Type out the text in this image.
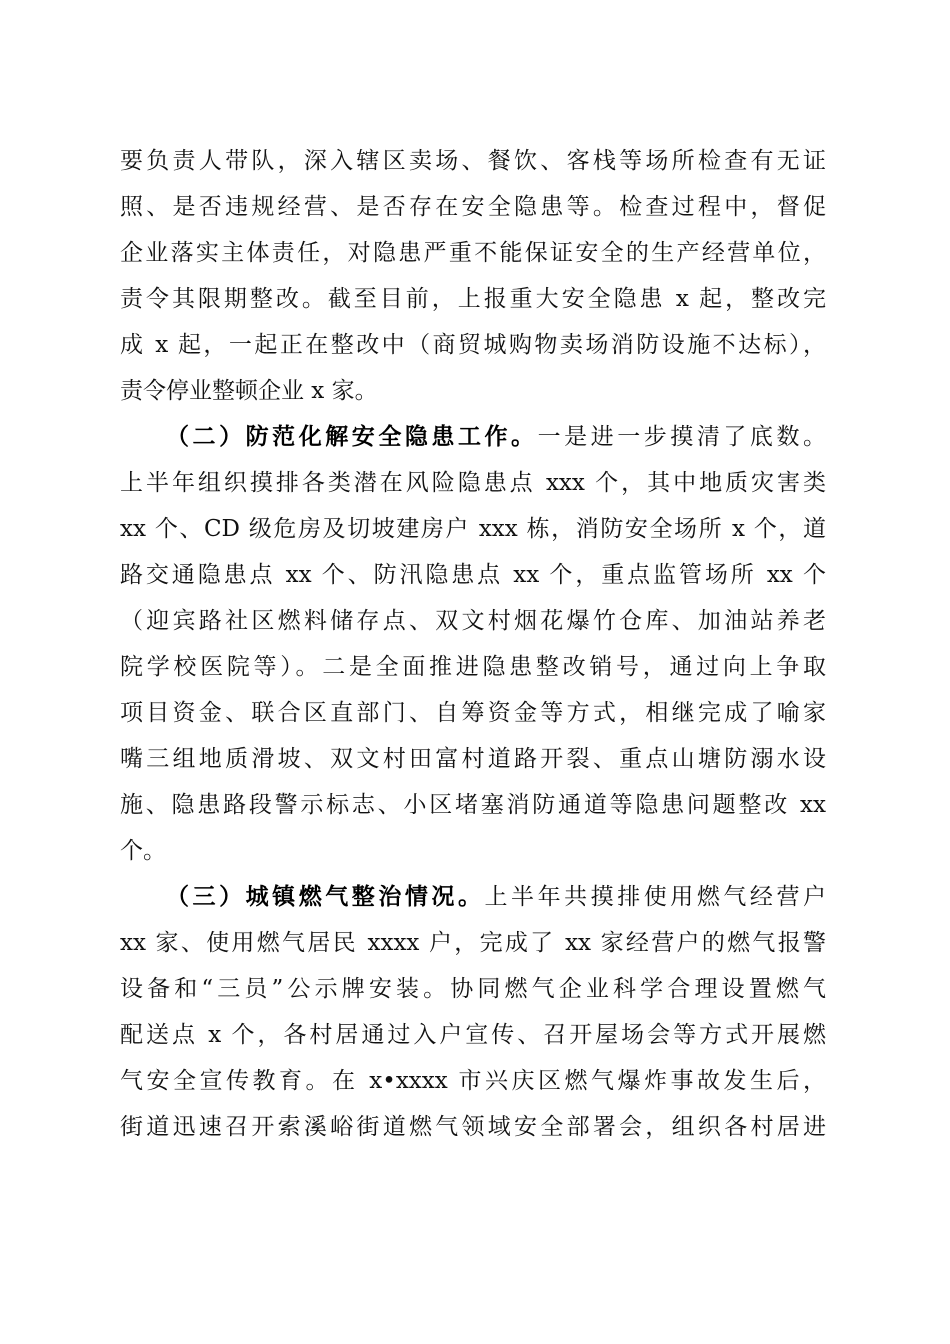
要负责人带队，深入辖区卖场、餐饮、客栈等场所检查有无证
照、是否违规经营、是否存在安全隐患等。检查过程中，督促
企业落实主体责任，对隐患严重不能保证安全的生产经营单位，
责令其限期整改。截至目前，上报重大安全隐患 x 起，整改完
成 x 起，一起正在整改中（商贸城购物卖场消防设施不达标），
责令停业整顿企业 x 家。
（二）防范化解安全隐患工作。一是进一步摸清了底数。
上半年组织摸排各类潜在风险隐患点 xxx 个，其中地质灾害类
xx 个、CD 级危房及切坡建房户 xxx 栋，消防安全场所 x 个，道
路交通隐患点 xx 个、防汛隐患点 xx 个，重点监管场所 xx 个
（迎宾路社区燃料储存点、双文村烟花爆竹仓库、加油站养老
院学校医院等）。二是全面推进隐患整改销号，通过向上争取
项目资金、联合区直部门、自筹资金等方式，相继完成了喻家
嘴三组地质滑坡、双文村田富村道路开裂、重点山塘防溺水设
施、隐患路段警示标志、小区堵塞消防通道等隐患问题整改 xx
个。
（三）城镇燃气整治情况。上半年共摸排使用燃气经营户
xx 家、使用燃气居民 xxxx 户，完成了 xx 家经营户的燃气报警
设备和“三员”公示牌安装。协同燃气企业科学合理设置燃气
配送点 x 个，各村居通过入户宣传、召开屋场会等方式开展燃
气安全宣传教育。在 x•xxxx 市兴庆区燃气爆炸事故发生后，
街道迅速召开索溪峪街道燃气领域安全部署会，组织各村居进
